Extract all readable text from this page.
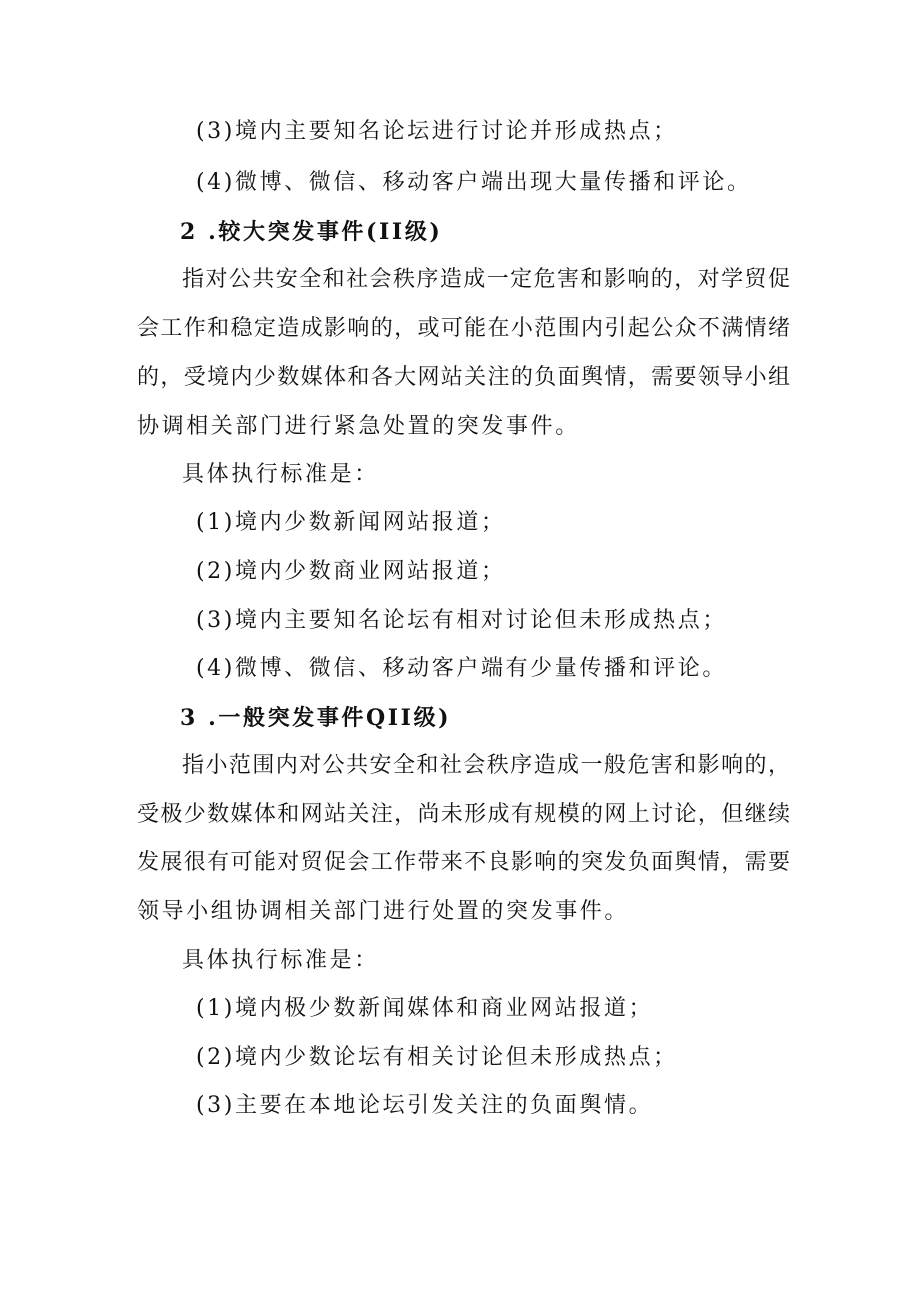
(3)境内主要知名论坛进行讨论并形成热点；
(4)微博、微信、移动客户端出现大量传播和评论。
2 .较大突发事件(II级)
指对公共安全和社会秩序造成一定危害和影响的，对学贸促
会工作和稳定造成影响的，或可能在小范围内引起公众不满情绪
的，受境内少数媒体和各大网站关注的负面舆情，需要领导小组
协调相关部门进行紧急处置的突发事件。
具体执行标准是：
(1)境内少数新闻网站报道；
(2)境内少数商业网站报道；
(3)境内主要知名论坛有相对讨论但未形成热点；
(4)微博、微信、移动客户端有少量传播和评论。
3 .一般突发事件QII级)
指小范围内对公共安全和社会秩序造成一般危害和影响的，
受极少数媒体和网站关注，尚未形成有规模的网上讨论，但继续
发展很有可能对贸促会工作带来不良影响的突发负面舆情，需要
领导小组协调相关部门进行处置的突发事件。
具体执行标准是：
(1)境内极少数新闻媒体和商业网站报道；
(2)境内少数论坛有相关讨论但未形成热点；
(3)主要在本地论坛引发关注的负面舆情。
